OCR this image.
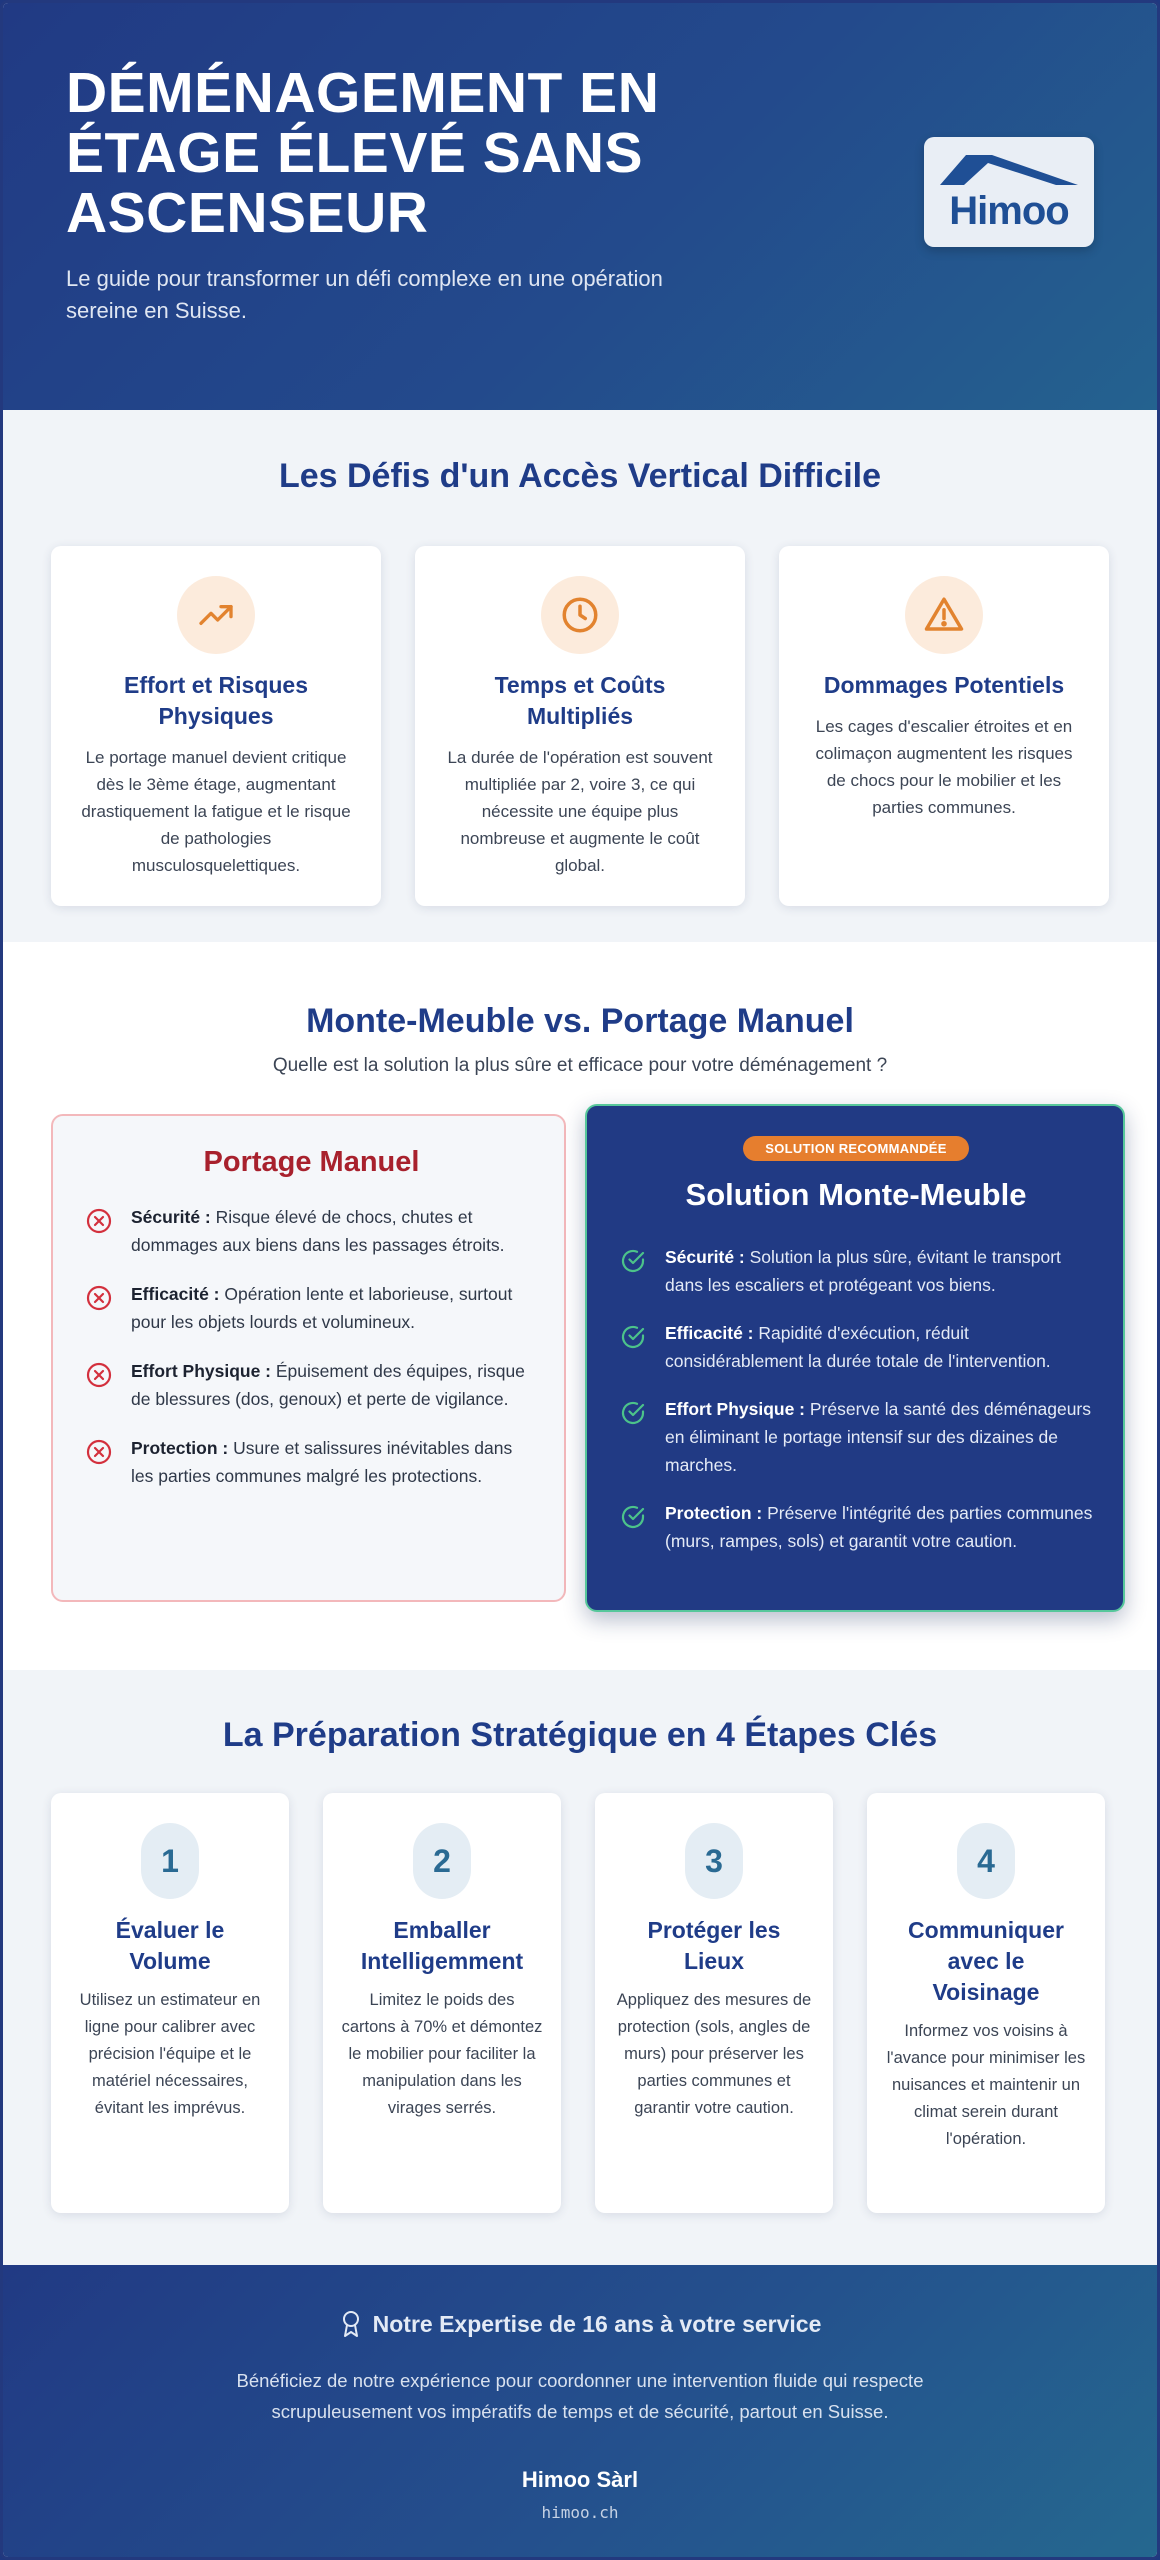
DÉMÉNAGEMENT EN ÉTAGE ÉLEVÉ SANS ASCENSEUR

Le guide pour transformer un défi complexe en une opération sereine en Suisse.

Himoo
Les Défis d'un Accès Vertical Difficile
Effort et Risques Physiques

Le portage manuel devient critique dès le 3ème étage, augmentant drastiquement la fatigue et le risque de pathologies musculosquelettiques.

Temps et Coûts Multipliés

La durée de l'opération est souvent multipliée par 2, voire 3, ce qui nécessite une équipe plus nombreuse et augmente le coût global.

Dommages Potentiels

Les cages d'escalier étroites et en colimaçon augmentent les risques de chocs pour le mobilier et les parties communes.

Monte-Meuble vs. Portage Manuel

Quelle est la solution la plus sûre et efficace pour votre déménagement ?

Portage Manuel
Sécurité : Risque élevé de chocs, chutes et dommages aux biens dans les passages étroits.
Efficacité : Opération lente et laborieuse, surtout pour les objets lourds et volumineux.
Effort Physique : Épuisement des équipes, risque de blessures (dos, genoux) et perte de vigilance.
Protection : Usure et salissures inévitables dans les parties communes malgré les protections.
SOLUTION RECOMMANDÉE
Solution Monte-Meuble
Sécurité : Solution la plus sûre, évitant le transport dans les escaliers et protégeant vos biens.
Efficacité : Rapidité d'exécution, réduit considérablement la durée totale de l'intervention.
Effort Physique : Préserve la santé des déménageurs en éliminant le portage intensif sur des dizaines de marches.
Protection : Préserve l'intégrité des parties communes (murs, rampes, sols) et garantit votre caution.
La Préparation Stratégique en 4 Étapes Clés
1
Évaluer le Volume

Utilisez un estimateur en ligne pour calibrer avec précision l'équipe et le matériel nécessaires, évitant les imprévus.

2
Emballer Intelligemment

Limitez le poids des cartons à 70% et démontez le mobilier pour faciliter la manipulation dans les virages serrés.

3
Protéger les Lieux

Appliquez des mesures de protection (sols, angles de murs) pour préserver les parties communes et garantir votre caution.

4
Communiquer avec le Voisinage

Informez vos voisins à l'avance pour minimiser les nuisances et maintenir un climat serein durant l'opération.

Notre Expertise de 16 ans à votre service

Bénéficiez de notre expérience pour coordonner une intervention fluide qui respecte scrupuleusement vos impératifs de temps et de sécurité, partout en Suisse.

Himoo Sàrl
himoo.ch
